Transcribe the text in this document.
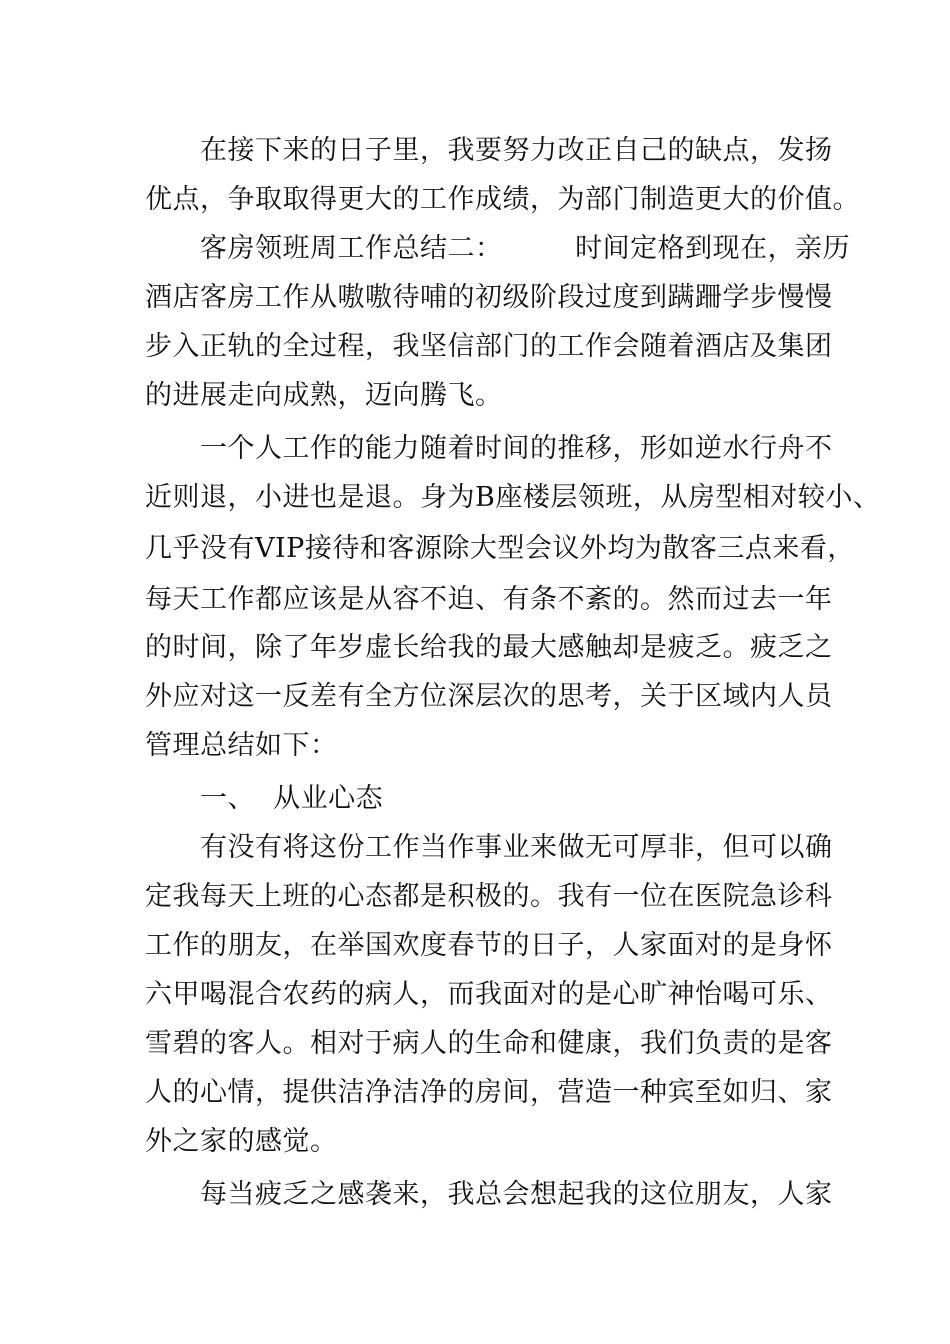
在接下来的日子里，我要努力改正自己的缺点，发扬
优点，争取取得更大的工作成绩，为部门制造更大的价值。
客房领班周工作总结二：        时间定格到现在，亲历
酒店客房工作从嗷嗷待哺的初级阶段过度到蹒跚学步慢慢
步入正轨的全过程，我坚信部门的工作会随着酒店及集团
的进展走向成熟，迈向腾飞。
一个人工作的能力随着时间的推移，形如逆水行舟不
近则退，小进也是退。身为B座楼层领班，从房型相对较小、
几乎没有VIP接待和客源除大型会议外均为散客三点来看，
每天工作都应该是从容不迫、有条不紊的。然而过去一年
的时间，除了年岁虚长给我的最大感触却是疲乏。疲乏之
外应对这一反差有全方位深层次的思考，关于区域内人员
管理总结如下：
一、  从业心态
有没有将这份工作当作事业来做无可厚非，但可以确
定我每天上班的心态都是积极的。我有一位在医院急诊科
工作的朋友，在举国欢度春节的日子，人家面对的是身怀
六甲喝混合农药的病人，而我面对的是心旷神怡喝可乐、
雪碧的客人。相对于病人的生命和健康，我们负责的是客
人的心情，提供洁净洁净的房间，营造一种宾至如归、家
外之家的感觉。
每当疲乏之感袭来，我总会想起我的这位朋友，人家
